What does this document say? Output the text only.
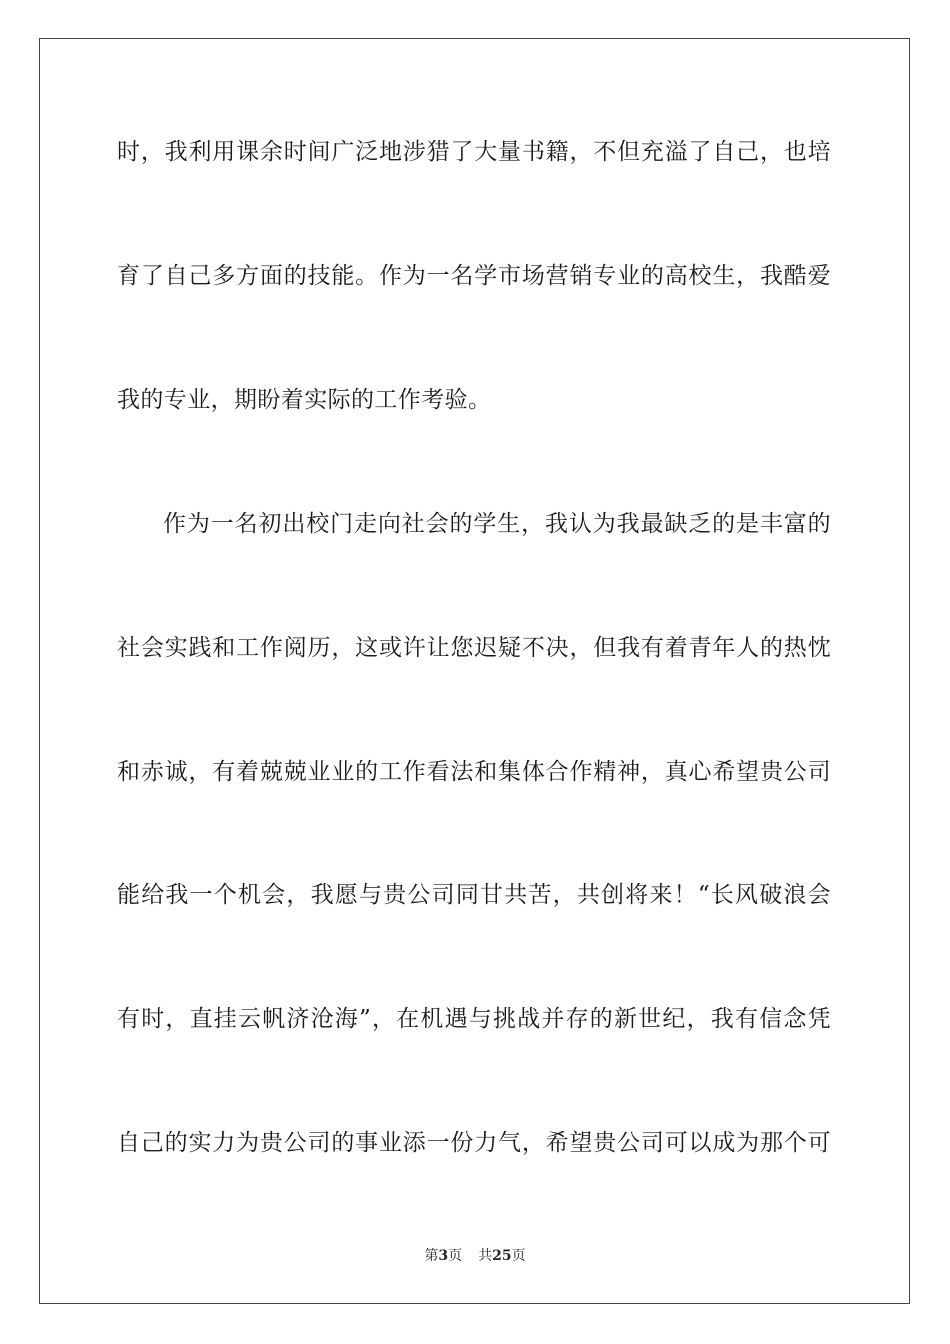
时，我利用课余时间广泛地涉猎了大量书籍，不但充溢了自己，也培
育了自己多方面的技能。作为一名学市场营销专业的高校生，我酷爱
我的专业，期盼着实际的工作考验。
作为一名初出校门走向社会的学生，我认为我最缺乏的是丰富的
社会实践和工作阅历，这或许让您迟疑不决，但我有着青年人的热忱
和赤诚，有着兢兢业业的工作看法和集体合作精神，真心希望贵公司
能给我一个机会，我愿与贵公司同甘共苦，共创将来！“长风破浪会
有时，直挂云帆济沧海”，在机遇与挑战并存的新世纪，我有信念凭
自己的实力为贵公司的事业添一份力气，希望贵公司可以成为那个可
第3页 共25页
